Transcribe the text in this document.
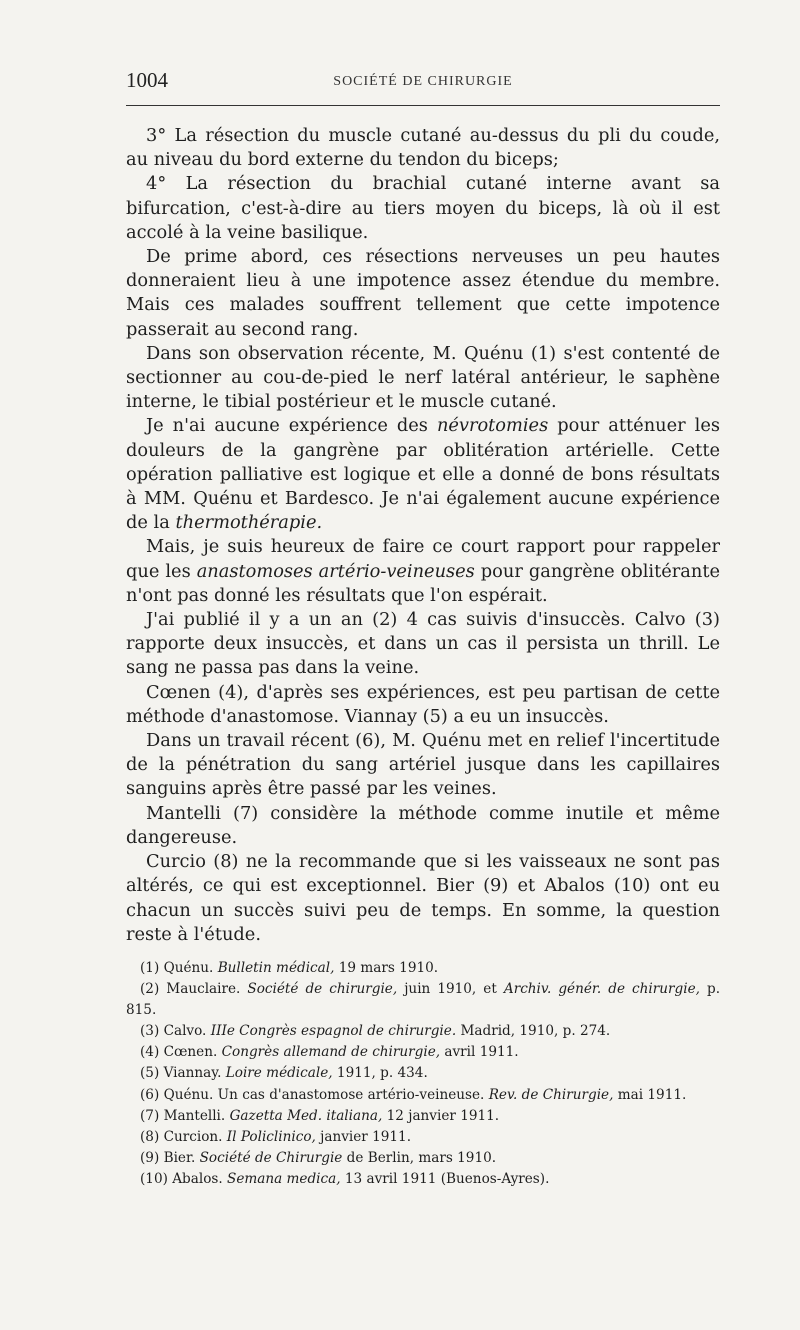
1004	SOCIÉTÉ DE CHIRURGIE

3° La résection du muscle cutané au-dessus du pli du coude, au niveau du bord externe du tendon du biceps;

4° La résection du brachial cutané interne avant sa bifurcation, c'est-à-dire au tiers moyen du biceps, là où il est accolé à la veine basilique.

De prime abord, ces résections nerveuses un peu hautes donneraient lieu à une impotence assez étendue du membre. Mais ces malades souffrent tellement que cette impotence passerait au second rang.

Dans son observation récente, M. Quénu (1) s'est contenté de sectionner au cou-de-pied le nerf latéral antérieur, le saphène interne, le tibial postérieur et le muscle cutané.

Je n'ai aucune expérience des névrotomies pour atténuer les douleurs de la gangrène par oblitération artérielle. Cette opération palliative est logique et elle a donné de bons résultats à MM. Quénu et Bardesco. Je n'ai également aucune expérience de la thermothérapie.

Mais, je suis heureux de faire ce court rapport pour rappeler que les anastomoses artério-veineuses pour gangrène oblitérante n'ont pas donné les résultats que l'on espérait.

J'ai publié il y a un an (2) 4 cas suivis d'insuccès. Calvo (3) rapporte deux insuccès, et dans un cas il persista un thrill. Le sang ne passa pas dans la veine.

Cœnen (4), d'après ses expériences, est peu partisan de cette méthode d'anastomose. Viannay (5) a eu un insuccès.

Dans un travail récent (6), M. Quénu met en relief l'incertitude de la pénétration du sang artériel jusque dans les capillaires sanguins après être passé par les veines.

Mantelli (7) considère la méthode comme inutile et même dangereuse.

Curcio (8) ne la recommande que si les vaisseaux ne sont pas altérés, ce qui est exceptionnel. Bier (9) et Abalos (10) ont eu chacun un succès suivi peu de temps. En somme, la question reste à l'étude.

(1) Quénu. Bulletin médical, 19 mars 1910.

(2) Mauclaire. Société de chirurgie, juin 1910, et Archiv. génér. de chirurgie, p. 815.

(3) Calvo. IIIe Congrès espagnol de chirurgie. Madrid, 1910, p. 274.

(4) Cœnen. Congrès allemand de chirurgie, avril 1911.

(5) Viannay. Loire médicale, 1911, p. 434.

(6) Quénu. Un cas d'anastomose artério-veineuse. Rev. de Chirurgie, mai 1911.

(7) Mantelli. Gazetta Med. italiana, 12 janvier 1911.

(8) Curcion. Il Policlinico, janvier 1911.

(9) Bier. Société de Chirurgie de Berlin, mars 1910.

(10) Abalos. Semana medica, 13 avril 1911 (Buenos-Ayres).
